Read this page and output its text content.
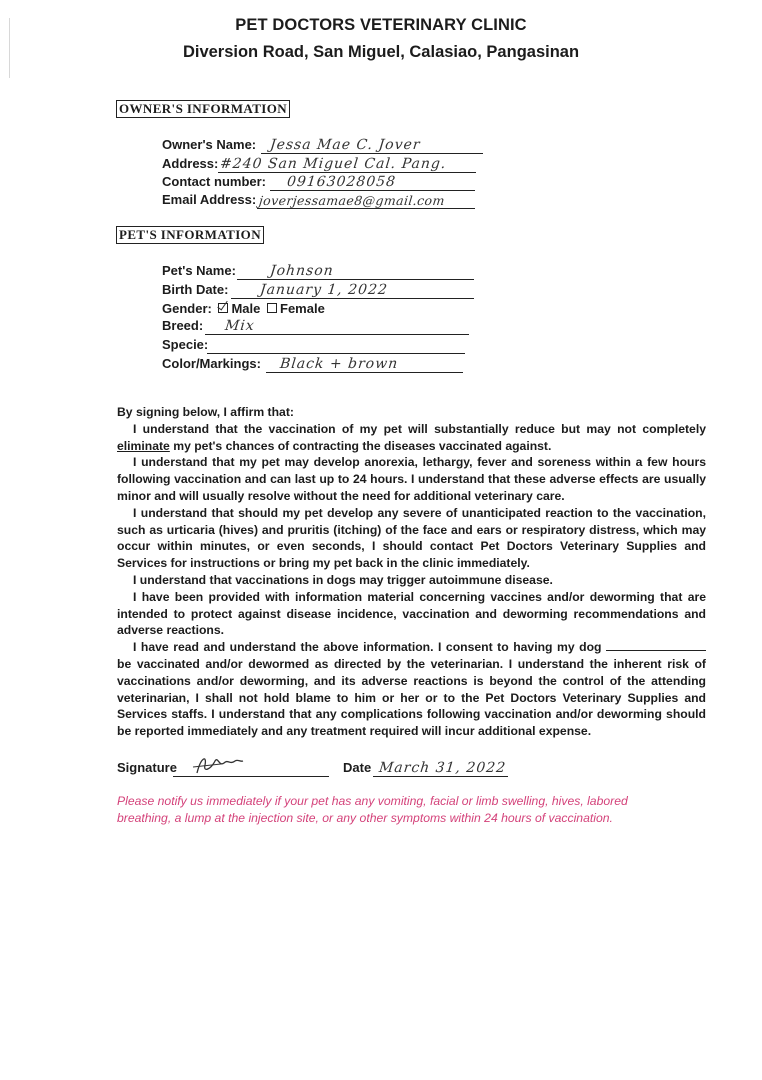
PET DOCTORS VETERINARY CLINIC
Diversion Road, San Miguel, Calasiao, Pangasinan
OWNER'S INFORMATION
Owner's Name: Jessa Mae C. Jover
Address: #240 San Miguel Cal. Pang.
Contact number: 09163028058
Email Address: joverjessamae8@gmail.com
PET'S INFORMATION
Pet's Name: Johnson
Birth Date: January 1, 2022
Gender: Male Female
Breed: Mix
Specie:
Color/Markings: Black + brown

By signing below, I affirm that:

I understand that the vaccination of my pet will substantially reduce but may not completely eliminate my pet's chances of contracting the diseases vaccinated against.

I understand that my pet may develop anorexia, lethargy, fever and soreness within a few hours following vaccination and can last up to 24 hours. I understand that these adverse effects are usually minor and will usually resolve without the need for additional veterinary care.

I understand that should my pet develop any severe of unanticipated reaction to the vaccination, such as urticaria (hives) and pruritis (itching) of the face and ears or respiratory distress, which may occur within minutes, or even seconds, I should contact Pet Doctors Veterinary Supplies and Services for instructions or bring my pet back in the clinic immediately.

I understand that vaccinations in dogs may trigger autoimmune disease.

I have been provided with information material concerning vaccines and/or deworming that are intended to protect against disease incidence, vaccination and deworming recommendations and adverse reactions.

I have read and understand the above information. I consent to having my dog  be vaccinated and/or dewormed as directed by the veterinarian. I understand the inherent risk of vaccinations and/or deworming, and its adverse reactions is beyond the control of the attending veterinarian, I shall not hold blame to him or her or to the Pet Doctors Veterinary Supplies and Services staffs. I understand that any complications following vaccination and/or deworming should be reported immediately and any treatment required will incur additional expense.

Signature	Date March 31, 2022
Please notify us immediately if your pet has any vomiting, facial or limb swelling, hives, labored breathing, a lump at the injection site, or any other symptoms within 24 hours of vaccination.
